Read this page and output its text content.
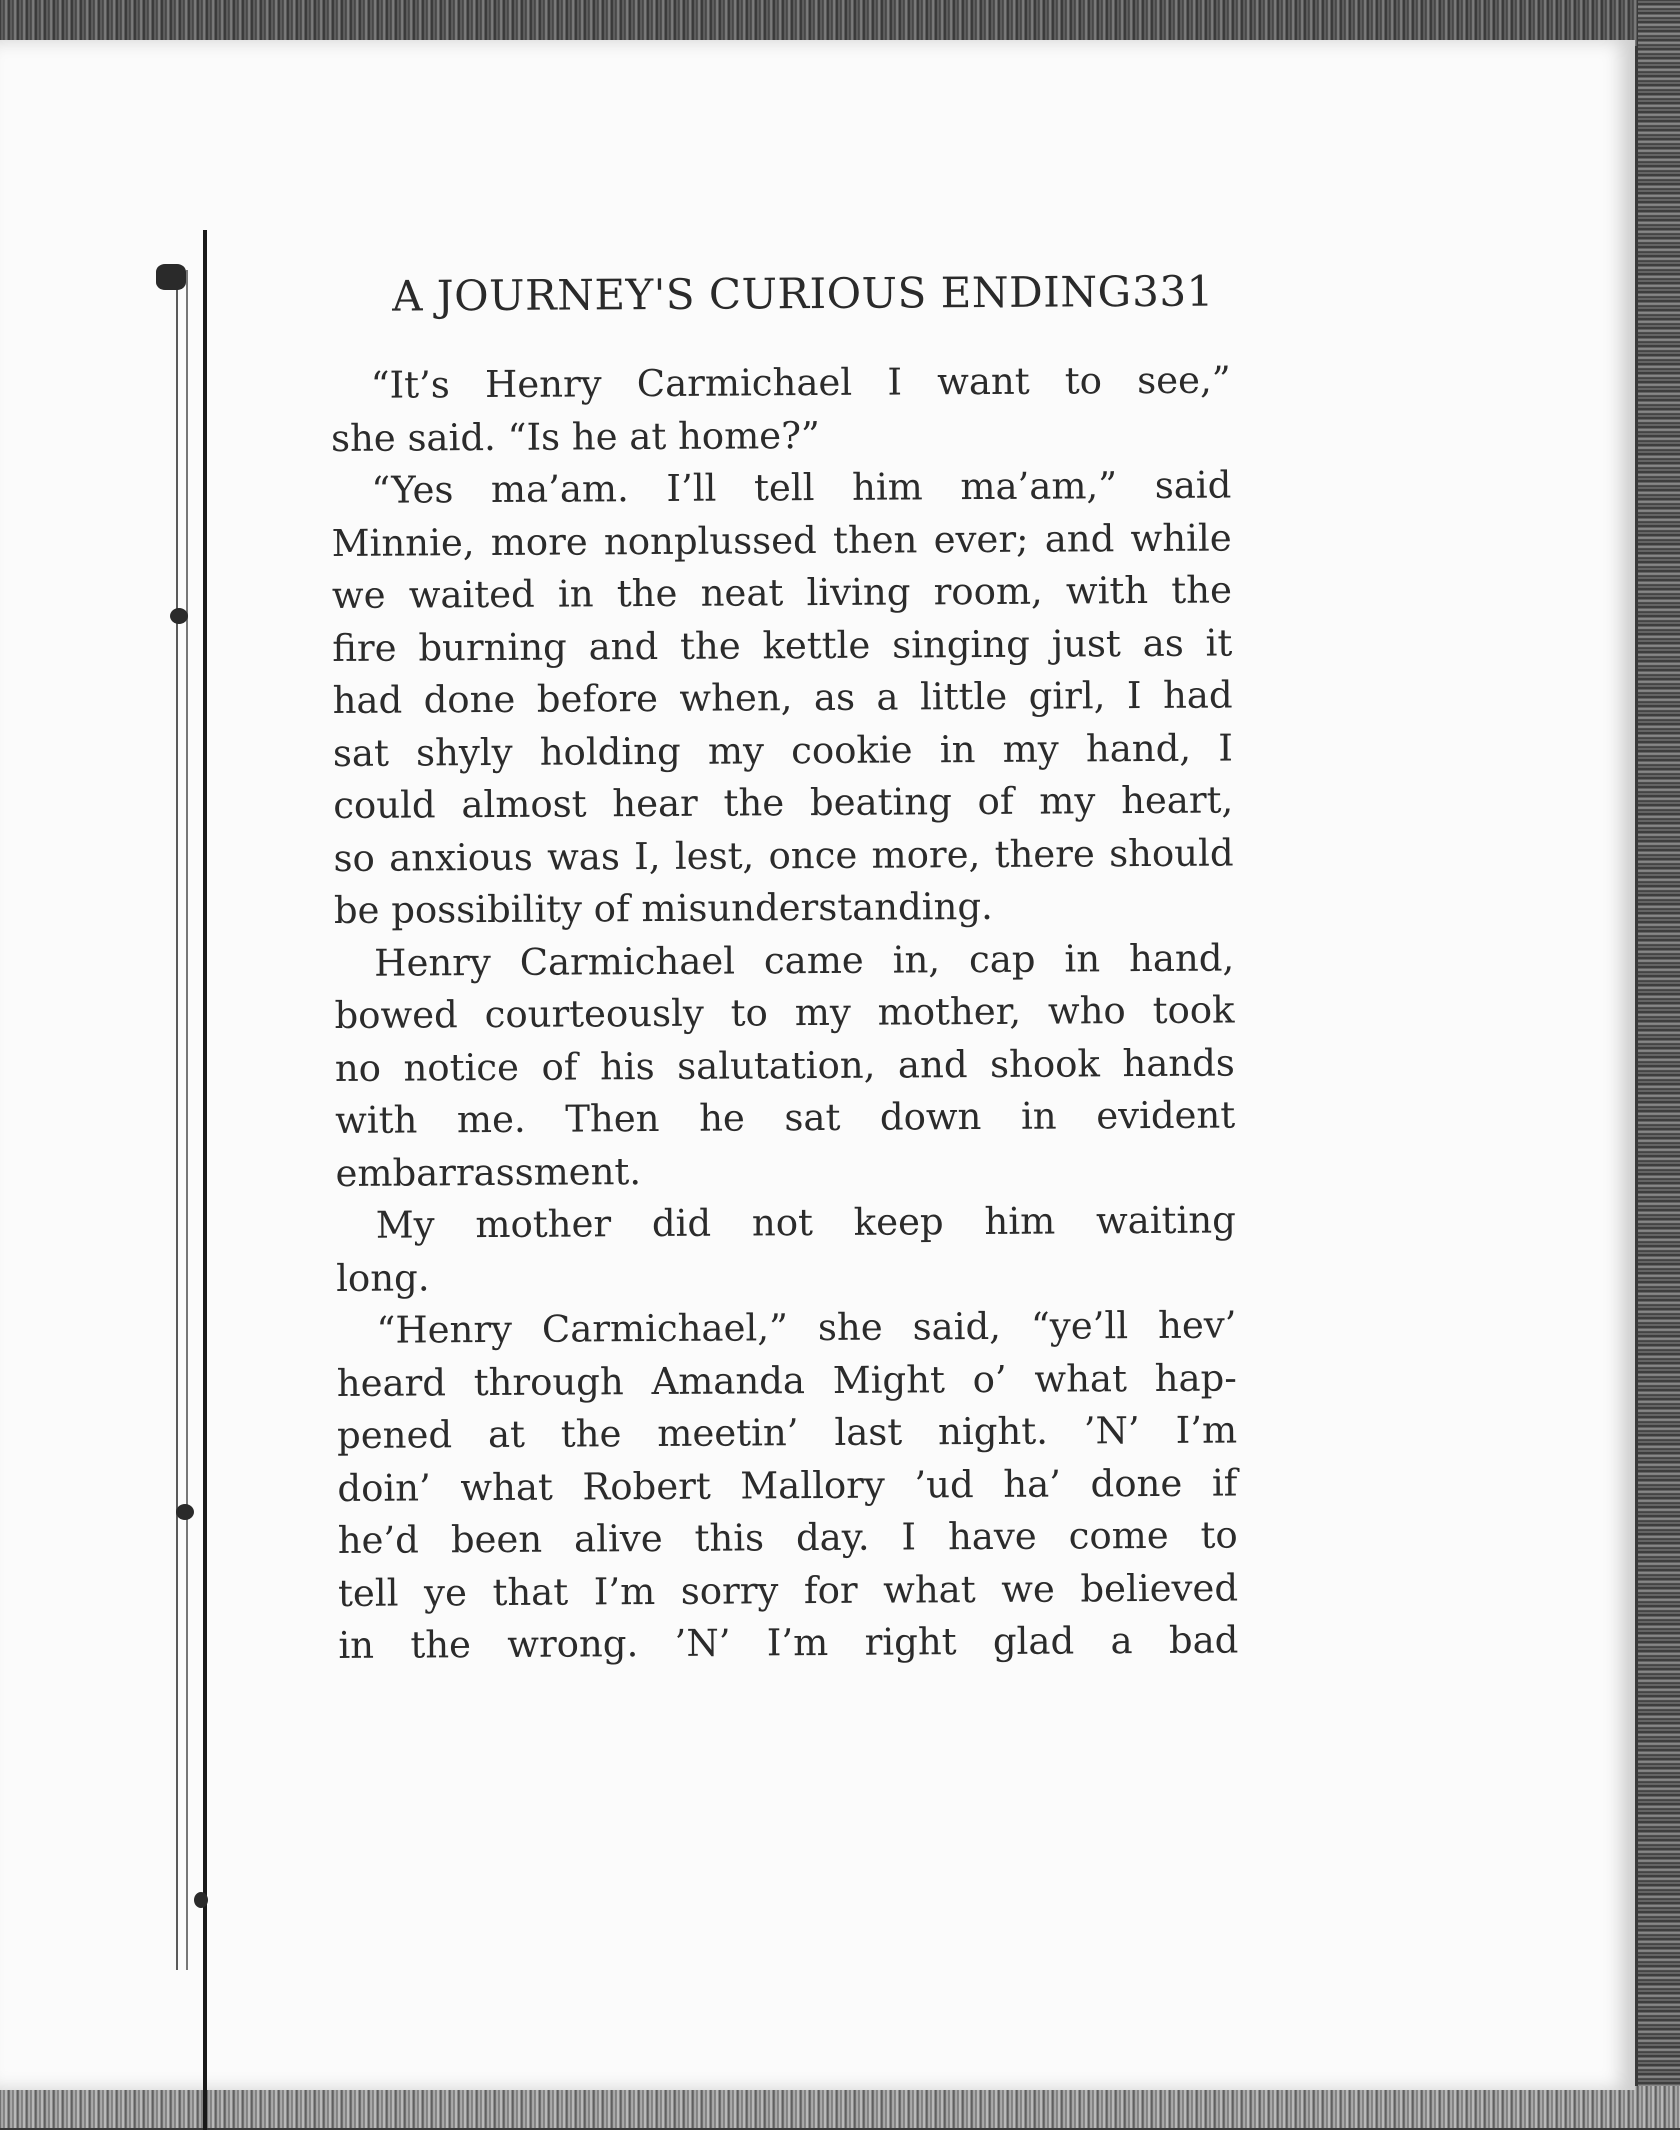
A JOURNEY'S CURIOUS ENDING 331
“It’s Henry Carmichael I want to see,”
she said. “Is he at home?”
“Yes ma’am. I’ll tell him ma’am,” said
Minnie, more nonplussed then ever; and while
we waited in the neat living room, with the
fire burning and the kettle singing just as it
had done before when, as a little girl, I had
sat shyly holding my cookie in my hand, I
could almost hear the beating of my heart,
so anxious was I, lest, once more, there should
be possibility of misunderstanding.
Henry Carmichael came in, cap in hand,
bowed courteously to my mother, who took
no notice of his salutation, and shook hands
with me. Then he sat down in evident
embarrassment.
My mother did not keep him waiting
long.
“Henry Carmichael,” she said, “ye’ll hev’
heard through Amanda Might o’ what hap-
pened at the meetin’ last night. ’N’ I’m
doin’ what Robert Mallory ’ud ha’ done if
he’d been alive this day. I have come to
tell ye that I’m sorry for what we believed
in the wrong. ’N’ I’m right glad a bad
